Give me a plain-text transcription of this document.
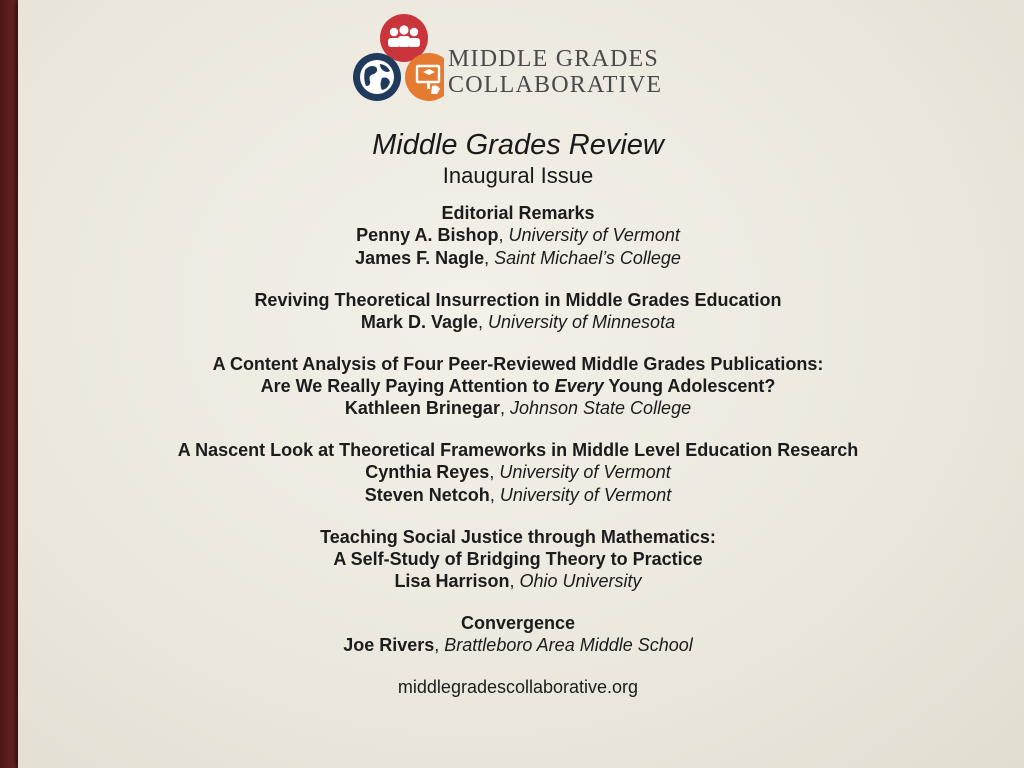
MIDDLE GRADES
COLLABORATIVE
Middle Grades Review
Inaugural Issue
Editorial Remarks
Penny A. Bishop, University of Vermont
James F. Nagle, Saint Michael’s College
Reviving Theoretical Insurrection in Middle Grades Education
Mark D. Vagle, University of Minnesota
A Content Analysis of Four Peer-Reviewed Middle Grades Publications:
Are We Really Paying Attention to Every Young Adolescent?
Kathleen Brinegar, Johnson State College
A Nascent Look at Theoretical Frameworks in Middle Level Education Research
Cynthia Reyes, University of Vermont
Steven Netcoh, University of Vermont
Teaching Social Justice through Mathematics:
A Self-Study of Bridging Theory to Practice
Lisa Harrison, Ohio University
Convergence
Joe Rivers, Brattleboro Area Middle School
middlegradescollaborative.org
